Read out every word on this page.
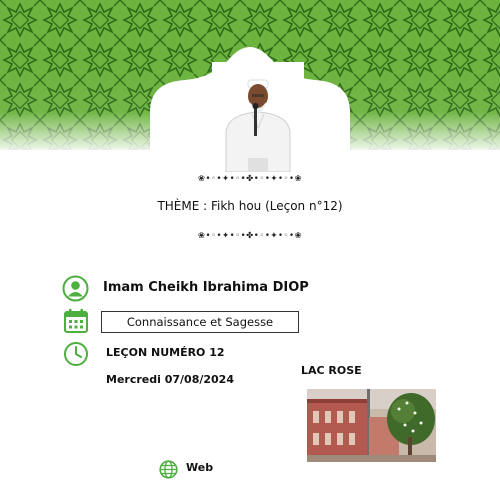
❀•◦•✦•◦•✤•◦•✦•◦•❀
THÈME : Fikh hou (Leçon n°12)
❀•◦•✦•◦•✤•◦•✦•◦•❀
Imam Cheikh Ibrahima DIOP
Connaissance et Sagesse
LEÇON NUMÉRO 12
Mercredi 07/08/2024
LAC ROSE
Web
